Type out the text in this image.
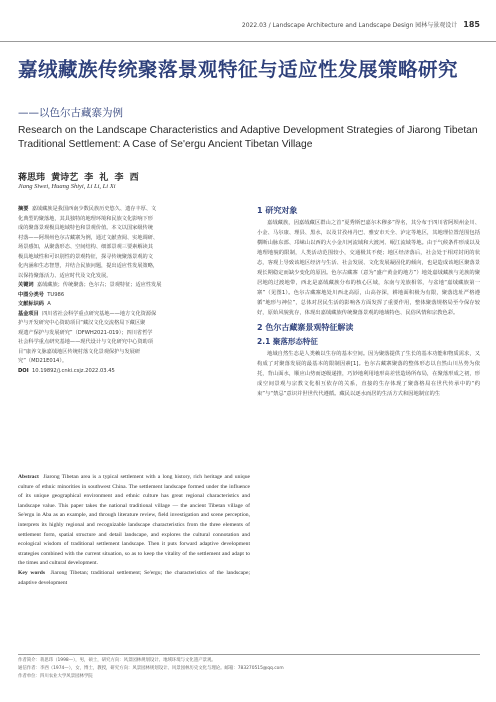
2022.03 / Landscape Architecture and Landscape Design 园林与景观设计 185
嘉绒藏族传统聚落景观特征与适应性发展策略研究
——以色尔古藏寨为例
Research on the Landscape Characteristics and Adaptive Development Strategies of Jiarong Tibetan Traditional Settlement: A Case of Se'ergu Ancient Tibetan Village
蒋思玮 黄诗艺 李 礼 李 西
Jiang Siwei, Huang Shiyi, Li Li, Li Xi
摘要 嘉绒藏族是我国西南少数民族历史悠久、遗存丰厚、文
化典型的聚落地，其具独特的地理环境和民族文化影响下形
成的聚落景观极具地域特色和景观价值。本文以国家级传统
村落——阿坝州色尔古藏寨为例，通过文献查阅、实地调研、
场景感知，从聚落形态、空间结构、细部景观三要素解读其
极具地域性和可识别性的景观特征，探寻传统聚落景观的文
化内涵和生态智慧，并结合民族问题，提出适应性发展策略，
以保持聚落活力、适应时代及文化发展。
关键词 嘉绒藏族；传统聚落；色尔古；景观特征；适应性发展
中图分类号 TU986
文献标识码 A
基金项目 四川省社会科学重点研究基地——地方文化资源保
护与开发研究中心资助项目“藏汉文化交流格局下藏区聚
观遗产保护与发展研究”（DFWH2021-019）；四川省哲学
社会科学重点研究基地——现代设计与文化研究中心资助项
目“康养文脉嘉绒地区传统村落文化景观保护与发展研
究”（MD21E014）。
DOI 10.19892/j.cnki.csjz.2022.03.45
Abstract Jiarong Tibetan area is a typical settlement with a long history, rich heritage and unique culture of ethnic minorities in southwest China. The settlement landscape formed under the influence of its unique geographical environment and ethnic culture has great regional characteristics and landscape value. This paper takes the national traditional village — the ancient Tibetan village of Se'ergu in Aba as an example, and through literature review, field investigation and scene perception, interprets its highly regional and recognizable landscape characteristics from the three elements of settlement form, spatial structure and detail landscape, and explores the cultural connotation and ecological wisdom of traditional settlement landscape. Then it puts forward adaptive development strategies combined with the current situation, so as to keep the vitality of the settlement and adapt to the times and cultural development.
Key words Jiarong Tibetan; traditional settlement; Se'ergu; the characteristics of the landscape; adaptive development
1 研究对象

嘉绒藏族，因嘉绒藏区群山之首“夏秀斯巴嘉尔木穆多”得名，其分布于四川省阿坝州金川、小金、马尔康、理县、黑水，以及甘孜州丹巴、雅安市天全、泸定等地区，其地理位置范围包括横断山脉东部、邛崃山以西的大小金川河流域和大渡河、岷江流域等地。由于气候条件形成以及地理地貌的限制，人类活动范围较小，交通极其不便；地区经济落后，社会处于相对封闭的状态，客观上导致该地区经济与生活、社会发展、文化发展凝固化的倾向，也是造成该地区聚落景观长期稳定而缺少变化的原因。色尔古藏寨（意为“盛产黄金的地方”）地处嘉绒藏族与羌族的聚居地的过渡地带，西北是嘉绒藏族分布的核心区域，东南与羌族相邻，与盆地“嘉绒藏族第一寨”（见图1）。色尔古藏寨地处川西北高原，山高谷深，耕地面积极为有限，聚落选址严格遵循“地形与神位”，总体对居民生活的影响各方面发挥了重要作用，整体聚落规格局至今保存较好，原始风貌犹存，体现出嘉绒藏族传统聚落景观的地域特色、民俗风情和宗教色彩。

2 色尔古藏寨景观特征解读
2.1 聚落形态特征

地域自然生态是人类赖以生存的基本空间。因为聚落提供了生长的基本功能和物质需求，又构成了对聚落发展的最基本的限制因素[1]。色尔古藏寨聚落的整体形态以自然山川丛势为依托，背山面水，顺应山势而逐级递推，巧妙地利用地形高差营造场所布局，在聚落形成之初，形成空间景观与宗教文化相互依存的关系，直接的生存体现了聚落格局在世代传承中的“约束”与“禁忌”意识并世世代代遵循。藏民以逐水而居的生活方式和因地制宜的生

作者简介：蒋思玮（1998—），男，硕士，研究方向：风景园林规划设计、地域环境与文化遗产景观。
通信作者：李西（1974—），女，博士，教授，研究方向：风景园林规划设计、风景园林历史文化与理论。邮箱：783270515@qq.com
作者单位：四川农业大学风景园林学院
